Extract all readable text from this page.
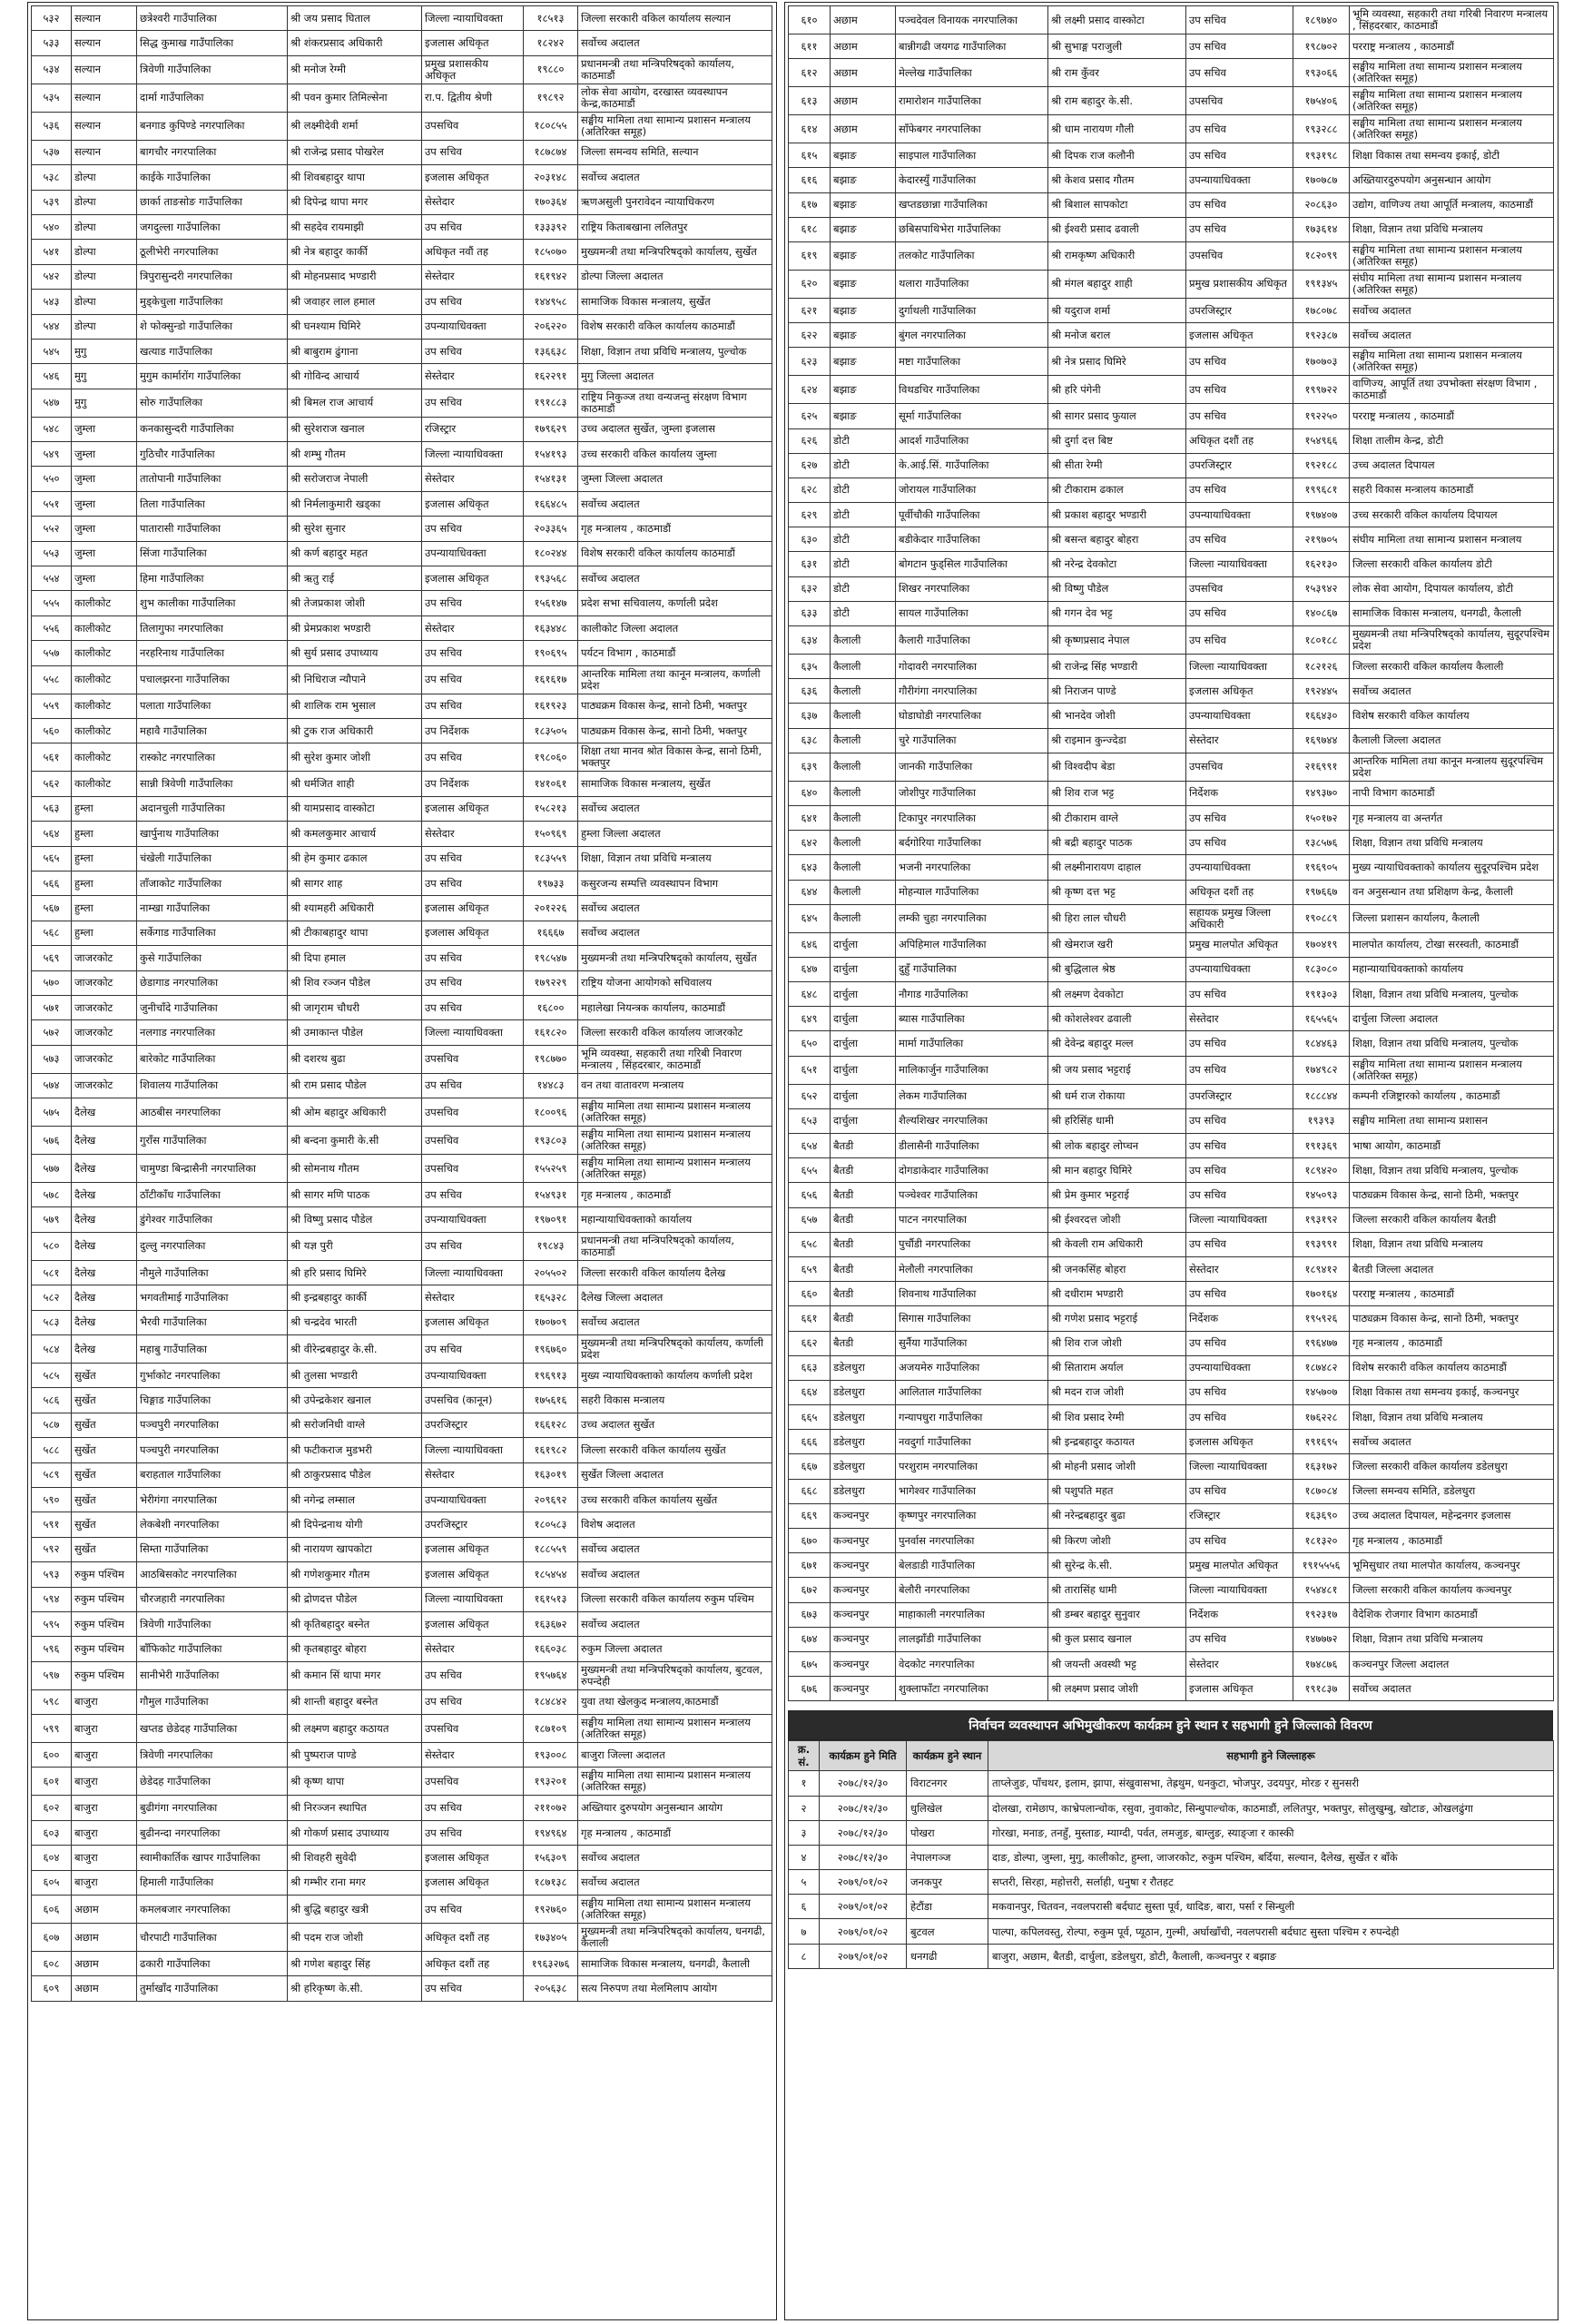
५३२	सल्यान	छत्रेश्वरी गाउँपालिका	श्री जय प्रसाद घिताल	जिल्ला न्यायाधिवक्ता	१८५१३	जिल्ला सरकारी वकिल कार्यालय सल्यान
५३३	सल्यान	सिद्ध कुमाख गाउँपालिका	श्री शंकरप्रसाद अधिकारी	इजलास अधिकृत	१८२४२	सर्वोच्च अदालत
५३४	सल्यान	त्रिवेणी गाउँपालिका	श्री मनोज रेग्मी	प्रमुख प्रशासकीय अधिकृत	१९८८०	प्रधानमन्त्री तथा मन्त्रिपरिषद्को कार्यालय, काठमाडौं
५३५	सल्यान	दार्मा गाउँपालिका	श्री पवन कुमार तिमिल्सेना	रा.प. द्वितीय श्रेणी	१९८९२	लोक सेवा आयोग, दरखास्त व्यवस्थापन केन्द्र,काठमाडौं
५३६	सल्यान	बनगाड कुपिण्डे नगरपालिका	श्री लक्ष्मीदेवी शर्मा	उपसचिव	१८०८५५	सङ्घीय मामिला तथा सामान्य प्रशासन मन्त्रालय (अतिरिक्त समूह)
५३७	सल्यान	बागचौर नगरपालिका	श्री राजेन्द्र प्रसाद पोखरेल	उप सचिव	१८७८७४	जिल्ला समन्वय समिति, सल्यान
५३८	डोल्पा	काईके गाउँपालिका	श्री शिवबहादुर थापा	इजलास अधिकृत	२०३१४८	सर्वोच्च अदालत
५३९	डोल्पा	छार्का ताङसोङ गाउँपालिका	श्री दिपेन्द्र थापा मगर	सेस्तेदार	१७०३६४	ऋणअसुली पुनरावेदन न्यायाधिकरण
५४०	डोल्पा	जगदुल्ला गाउँपालिका	श्री सहदेव रायमाझी	उप सचिव	१३३३९२	राष्ट्रिय किताबखाना ललितपुर
५४१	डोल्पा	ठूलीभेरी नगरपालिका	श्री नेत्र बहादुर कार्की	अधिकृत नवौं तह	१८५०७०	मुख्यमन्त्री तथा मन्त्रिपरिषद्को कार्यालय, सुर्खेत
५४२	डोल्पा	त्रिपुरासुन्दरी नगरपालिका	श्री मोहनप्रसाद भण्डारी	सेस्तेदार	१६१९४२	डोल्पा जिल्ला अदालत
५४३	डोल्पा	मुड्केचुला गाउँपालिका	श्री जवाहर लाल हमाल	उप सचिव	१४४९५८	सामाजिक विकास मन्त्रालय, सुर्खेत
५४४	डोल्पा	शे फोक्सुन्डो गाउँपालिका	श्री घनश्याम घिमिरे	उपन्यायाधिवक्ता	२०६२२०	विशेष सरकारी वकिल कार्यालय काठमाडौं
५४५	मुगु	खत्याड गाउँपालिका	श्री बाबुराम ढुंगाना	उप सचिव	१३६६३८	शिक्षा, विज्ञान तथा प्रविधि मन्त्रालय, पुल्चोक
५४६	मुगु	मुगुम कार्मारोंग गाउँपालिका	श्री गोविन्द आचार्य	सेस्तेदार	१६२२९१	मुगु जिल्ला अदालत
५४७	मुगु	सोरु गाउँपालिका	श्री बिमल राज आचार्य	उप सचिव	१९१८८३	राष्ट्रिय निकुञ्ज तथा वन्यजन्तु संरक्षण विभाग काठमाडौं
५४८	जुम्ला	कनकासुन्दरी गाउँपालिका	श्री सुरेशराज खनाल	रजिस्ट्रार	१७९६२९	उच्च अदालत सुर्खेत, जुम्ला इजलास
५४९	जुम्ला	गुठिचौर गाउँपालिका	श्री शम्भु गौतम	जिल्ला न्यायाधिवक्ता	१५४१९३	उच्च सरकारी वकिल कार्यालय जुम्ला
५५०	जुम्ला	तातोपानी गाउँपालिका	श्री सरोजराज नेपाली	सेस्तेदार	१५४१३१	जुम्ला जिल्ला अदालत
५५१	जुम्ला	तिला गाउँपालिका	श्री निर्मलाकुमारी खड्का	इजलास अधिकृत	१६६४८५	सर्वोच्च अदालत
५५२	जुम्ला	पातारासी गाउँपालिका	श्री सुरेश सुनार	उप सचिव	२०३३६५	गृह मन्त्रालय , काठमाडौं
५५३	जुम्ला	सिंजा गाउँपालिका	श्री कर्ण बहादुर महत	उपन्यायाधिवक्ता	१८०२४४	विशेष सरकारी वकिल कार्यालय काठमाडौं
५५४	जुम्ला	हिमा गाउँपालिका	श्री ऋतु राई	इजलास अधिकृत	१९३५६८	सर्वोच्च अदालत
५५५	कालीकोट	शुभ कालीका गाउँपालिका	श्री तेजप्रकाश जोशी	उप सचिव	१५६१४७	प्रदेश सभा सचिवालय, कर्णाली प्रदेश
५५६	कालीकोट	तिलागुफा नगरपालिका	श्री प्रेमप्रकाश भण्डारी	सेस्तेदार	१६३४४८	कालीकोट जिल्ला अदालत
५५७	कालीकोट	नरहरिनाथ गाउँपालिका	श्री सुर्य प्रसाद उपाध्याय	उप सचिव	१९०६९५	पर्यटन विभाग , काठमाडौं
५५८	कालीकोट	पचालझरना गाउँपालिका	श्री निधिराज न्यौपाने	उप सचिव	१६१६१७	आन्तरिक मामिला तथा कानून मन्त्रालय, कर्णाली प्रदेश
५५९	कालीकोट	पलाता गाउँपालिका	श्री शालिक राम भुसाल	उप सचिव	१६१९२३	पाठ्यक्रम विकास केन्द्र, सानो ठिमी, भक्तपुर
५६०	कालीकोट	महावै गाउँपालिका	श्री टुक राज अधिकारी	उप निर्देशक	१८३५०५	पाठ्यक्रम विकास केन्द्र, सानो ठिमी, भक्तपुर
५६१	कालीकोट	रास्कोट नगरपालिका	श्री सुरेश कुमार जोशी	उप सचिव	१९८०६०	शिक्षा तथा मानव श्रोत विकास केन्द्र, सानो ठिमी, भक्तपुर
५६२	कालीकोट	सान्नी त्रिवेणी गाउँपालिका	श्री धर्मजित शाही	उप निर्देशक	१४१०६१	सामाजिक विकास मन्त्रालय, सुर्खेत
५६३	हुम्ला	अदानचुली गाउँपालिका	श्री यामप्रसाद वास्कोटा	इजलास अधिकृत	१५८२१३	सर्वोच्च अदालत
५६४	हुम्ला	खार्पुनाथ गाउँपालिका	श्री कमलकुमार आचार्य	सेस्तेदार	१५०९६९	हुम्ला जिल्ला अदालत
५६५	हुम्ला	चंखेली गाउँपालिका	श्री हेम कुमार ढकाल	उप सचिव	१८३५५९	शिक्षा, विज्ञान तथा प्रविधि मन्त्रालय
५६६	हुम्ला	ताँजाकोट गाउँपालिका	श्री सागर शाह	उप सचिव	१९७३३	कसुरजन्य सम्पत्ति व्यवस्थापन विभाग
५६७	हुम्ला	नाम्खा गाउँपालिका	श्री श्यामहरी अधिकारी	इजलास अधिकृत	२०१२२६	सर्वोच्च अदालत
५६८	हुम्ला	सर्केगाड गाउँपालिका	श्री टीकाबहादुर थापा	इजलास अधिकृत	१६६६७	सर्वोच्च अदालत
५६९	जाजरकोट	कुसे गाउँपालिका	श्री दिपा हमाल	उप सचिव	१९८५४७	मुख्यमन्त्री तथा मन्त्रिपरिषद्को कार्यालय, सुर्खेत
५७०	जाजरकोट	छेडागाड नगरपालिका	श्री शिव रञ्जन पौडेल	उप सचिव	१७९२२९	राष्ट्रिय योजना आयोगको सचिवालय
५७१	जाजरकोट	जुनीचाँदे गाउँपालिका	श्री जागृराम चौधरी	उप सचिव	१६८००	महालेखा नियन्त्रक कार्यालय, काठमाडौं
५७२	जाजरकोट	नलगाड नगरपालिका	श्री उमाकान्त पौडेल	जिल्ला न्यायाधिवक्ता	१६१८२०	जिल्ला सरकारी वकिल कार्यालय जाजरकोट
५७३	जाजरकोट	बारेकोट गाउँपालिका	श्री दशरथ बुढा	उपसचिव	१९८७७०	भूमि व्यवस्था, सहकारी तथा गरिबी निवारण मन्त्रालय , सिंहदरबार, काठमाडौं
५७४	जाजरकोट	शिवालय गाउँपालिका	श्री राम प्रसाद पौडेल	उप सचिव	१४४८३	वन तथा वातावरण मन्त्रालय
५७५	दैलेख	आठबीस नगरपालिका	श्री ओम बहादुर अधिकारी	उपसचिव	१८००९६	सङ्घीय मामिला तथा सामान्य प्रशासन मन्त्रालय (अतिरिक्त समूह)
५७६	दैलेख	गुराँस गाउँपालिका	श्री बन्दना कुमारी के.सी	उपसचिव	१९३८०३	सङ्घीय मामिला तथा सामान्य प्रशासन मन्त्रालय (अतिरिक्त समूह)
५७७	दैलेख	चामुण्डा बिन्द्रासैनी नगरपालिका	श्री सोमनाथ गौतम	उपसचिव	१५५२५९	सङ्घीय मामिला तथा सामान्य प्रशासन मन्त्रालय (अतिरिक्त समूह)
५७८	दैलेख	ठाँटीकाँध गाउँपालिका	श्री सागर मणि पाठक	उप सचिव	१५४९३१	गृह मन्त्रालय , काठमाडौं
५७९	दैलेख	डुंगेश्वर गाउँपालिका	श्री विष्णु प्रसाद पौडेल	उपन्यायाधिवक्ता	१९७०९१	महान्यायाधिवक्ताको कार्यालय
५८०	दैलेख	दुल्लु नगरपालिका	श्री यज्ञ पुरी	उप सचिव	१९८४३	प्रधानमन्त्री तथा मन्त्रिपरिषद्को कार्यालय, काठमाडौं
५८१	दैलेख	नौमुले गाउँपालिका	श्री हरि प्रसाद घिमिरे	जिल्ला न्यायाधिवक्ता	२०५५०२	जिल्ला सरकारी वकिल कार्यालय दैलेख
५८२	दैलेख	भगवतीमाई गाउँपालिका	श्री इन्द्रबहादुर कार्की	सेस्तेदार	१६५३२८	दैलेख जिल्ला अदालत
५८३	दैलेख	भैरवी गाउँपालिका	श्री चन्द्रदेव भारती	इजलास अधिकृत	१७०७०९	सर्वोच्च अदालत
५८४	दैलेख	महाबु गाउँपालिका	श्री वीरेन्द्रबहादुर के.सी.	उप सचिव	१९६७६०	मुख्यमन्त्री तथा मन्त्रिपरिषद्को कार्यालय, कर्णाली प्रदेश
५८५	सुर्खेत	गुर्भाकोट नगरपालिका	श्री तुलसा भण्डारी	उपन्यायाधिवक्ता	१९६९१३	मुख्य न्यायाधिवक्ताको कार्यालय कर्णाली प्रदेश
५८६	सुर्खेत	चिङ्गाड गाउँपालिका	श्री उपेन्द्रकेशर खनाल	उपसचिव (कानून)	१७५६१६	सहरी विकास मन्त्रालय
५८७	सुर्खेत	पञ्चपुरी नगरपालिका	श्री सरोजनिधी वाग्ले	उपरजिस्ट्रार	१६६१२८	उच्च अदालत सुर्खेत
५८८	सुर्खेत	पञ्चपुरी नगरपालिका	श्री फटीकराज मुडभरी	जिल्ला न्यायाधिवक्ता	१६१९८२	जिल्ला सरकारी वकिल कार्यालय सुर्खेत
५८९	सुर्खेत	बराहताल गाउँपालिका	श्री ठाकुरप्रसाद पौडेल	सेस्तेदार	१६३०१९	सुर्खेत जिल्ला अदालत
५९०	सुर्खेत	भेरीगंगा नगरपालिका	श्री नगेन्द्र लम्साल	उपन्यायाधिवक्ता	२०९६९२	उच्च सरकारी वकिल कार्यालय सुर्खेत
५९१	सुर्खेत	लेकबेशी नगरपालिका	श्री दिपेन्द्रनाथ योगी	उपरजिस्ट्रार	१८०५८३	विशेष अदालत
५९२	सुर्खेत	सिम्ता गाउँपालिका	श्री नारायण खापकोटा	इजलास अधिकृत	१८८५५९	सर्वोच्च अदालत
५९३	रुकुम पश्चिम	आठबिसकोट नगरपालिका	श्री गणेशकुमार गौतम	इजलास अधिकृत	१८५४५४	सर्वोच्च अदालत
५९४	रुकुम पश्चिम	चौरजहारी नगरपालिका	श्री द्रोणदत्त पौडेल	जिल्ला न्यायाधिवक्ता	१६१५१३	जिल्ला सरकारी वकिल कार्यालय रुकुम पश्चिम
५९५	रुकुम पश्चिम	त्रिवेणी गाउँपालिका	श्री कृतिबहादुर बस्नेत	इजलास अधिकृत	१६३६७२	सर्वोच्च अदालत
५९६	रुकुम पश्चिम	बाँफिकोट गाउँपालिका	श्री कृतबहादुर बोहरा	सेस्तेदार	१६६०३८	रुकुम जिल्ला अदालत
५९७	रुकुम पश्चिम	सानीभेरी गाउँपालिका	श्री कमान सिं थापा मगर	उप सचिव	१९५७६४	मुख्यमन्त्री तथा मन्त्रिपरिषद्को कार्यालय, बुटवल, रुपन्देही
५९८	बाजुरा	गौमुल गाउँपालिका	श्री शान्ती बहादुर बस्नेत	उप सचिव	१८४८४२	युवा तथा खेलकुद मन्त्रालय,काठमाडौं
५९९	बाजुरा	खप्तड छेडेदह गाउँपालिका	श्री लक्ष्मण बहादुर कठायत	उपसचिव	१८७१०९	सङ्घीय मामिला तथा सामान्य प्रशासन मन्त्रालय (अतिरिक्त समूह)
६००	बाजुरा	त्रिवेणी नगरपालिका	श्री पुष्पराज पाण्डे	सेस्तेदार	१९३००८	बाजुरा जिल्ला अदालत
६०१	बाजुरा	छेडेदह गाउँपालिका	श्री कृष्ण थापा	उपसचिव	१९३२०१	सङ्घीय मामिला तथा सामान्य प्रशासन मन्त्रालय (अतिरिक्त समूह)
६०२	बाजुरा	बुढीगंगा नगरपालिका	श्री निरञ्जन स्थापित	उप सचिव	२११०७२	अख्तियार दुरुपयोग अनुसन्धान आयोग
६०३	बाजुरा	बुढीनन्दा नगरपालिका	श्री गोकर्ण प्रसाद उपाध्याय	उप सचिव	१९४९६४	गृह मन्त्रालय , काठमाडौं
६०४	बाजुरा	स्वामीकार्तिक खापर गाउँपालिका	श्री शिवहरी सुवेदी	इजलास अधिकृत	१५६३०९	सर्वोच्च अदालत
६०५	बाजुरा	हिमाली गाउँपालिका	श्री गम्भीर राना मगर	इजलास अधिकृत	१८७१३८	सर्वोच्च अदालत
६०६	अछाम	कमलबजार नगरपालिका	श्री बुद्धि बहादुर खत्री	उप सचिव	१९२७६०	सङ्घीय मामिला तथा सामान्य प्रशासन मन्त्रालय (अतिरिक्त समूह)
६०७	अछाम	चौरपाटी गाउँपालिका	श्री पदम राज जोशी	अधिकृत दशौं तह	१७३४०५	मुख्यमन्त्री तथा मन्त्रिपरिषद्को कार्यालय, धनगढी, कैलाली
६०८	अछाम	ढकारी गाउँपालिका	श्री गणेश बहादुर सिंह	अधिकृत दशौं तह	१९६३२७६	सामाजिक विकास मन्त्रालय, धनगढी, कैलाली
६०९	अछाम	तुर्माखाँद गाउँपालिका	श्री हरिकृष्ण के.सी.	उप सचिव	२०५६३८	सत्य निरुपण तथा मेलमिलाप आयोग
६१०	अछाम	पञ्चदेवल विनायक नगरपालिका	श्री लक्ष्मी प्रसाद वास्कोटा	उप सचिव	१८९७४०	भूमि व्यवस्था, सहकारी तथा गरिबी निवारण मन्त्रालय , सिंहदरबार, काठमाडौं
६११	अछाम	बान्नीगढी जयगढ गाउँपालिका	श्री सुभाङ्ग पराजुली	उप सचिव	१९८७०२	परराष्ट्र मन्त्रालय , काठमाडौं
६१२	अछाम	मेल्लेख गाउँपालिका	श्री राम कुँवर	उप सचिव	१९३०६६	सङ्घीय मामिला तथा सामान्य प्रशासन मन्त्रालय (अतिरिक्त समूह)
६१३	अछाम	रामारोशन गाउँपालिका	श्री राम बहादुर के.सी.	उपसचिव	१७५४०६	सङ्घीय मामिला तथा सामान्य प्रशासन मन्त्रालय (अतिरिक्त समूह)
६१४	अछाम	साँफेबगर नगरपालिका	श्री धाम नारायण गौली	उप सचिव	१९३२८८	सङ्घीय मामिला तथा सामान्य प्रशासन मन्त्रालय (अतिरिक्त समूह)
६१५	बझाङ	साइपाल गाउँपालिका	श्री दिपक राज कलौनी	उप सचिव	१९३१९८	शिक्षा विकास तथा समन्वय इकाई, डोटी
६१६	बझाङ	केदारस्युँ गाउँपालिका	श्री केशव प्रसाद गौतम	उपन्यायाधिवक्ता	१७०७८७	अख्तियारदुरुपयोग अनुसन्धान आयोग
६१७	बझाङ	खप्तडछान्ना गाउँपालिका	श्री बिशाल सापकोटा	उप सचिव	२०८६३०	उद्योग, वाणिज्य तथा आपूर्ति मन्त्रालय, काठमाडौं
६१८	बझाङ	छबिसपाथिभेरा गाउँपालिका	श्री ईश्वरी प्रसाद ढवाली	उप सचिव	१७३६१४	शिक्षा, विज्ञान तथा प्रविधि मन्त्रालय
६१९	बझाङ	तलकोट गाउँपालिका	श्री रामकृष्ण अधिकारी	उपसचिव	१८२०९९	सङ्घीय मामिला तथा सामान्य प्रशासन मन्त्रालय (अतिरिक्त समूह)
६२०	बझाङ	थलारा गाउँपालिका	श्री मंगल बहादुर शाही	प्रमुख प्रशासकीय अधिकृत	१९१३४५	संघीय मामिला तथा सामान्य प्रशासन मन्त्रालय (अतिरिक्त समूह)
६२१	बझाङ	दुर्गाथली गाउँपालिका	श्री यदुराज शर्मा	उपरजिस्ट्रार	१७८०७८	सर्वोच्च अदालत
६२२	बझाङ	बुंगल नगरपालिका	श्री मनोज बराल	इजलास अधिकृत	१९२३८७	सर्वोच्च अदालत
६२३	बझाङ	मष्टा गाउँपालिका	श्री नेत्र प्रसाद घिमिरे	उप सचिव	१७०७०३	सङ्घीय मामिला तथा सामान्य प्रशासन मन्त्रालय (अतिरिक्त समूह)
६२४	बझाङ	विथडचिर गाउँपालिका	श्री हरि पंगेनी	उप सचिव	१९९७२२	वाणिज्य, आपूर्ति तथा उपभोक्ता संरक्षण विभाग , काठमाडौं
६२५	बझाङ	सूर्मा गाउँपालिका	श्री सागर प्रसाद फुयाल	उप सचिव	१९२२५०	परराष्ट्र मन्त्रालय , काठमाडौं
६२६	डोटी	आदर्श गाउँपालिका	श्री दुर्गा दत्त बिष्ट	अधिकृत दशौं तह	१५४९६६	शिक्षा तालीम केन्द्र, डोटी
६२७	डोटी	के.आई.सिं. गाउँपालिका	श्री सीता रेग्मी	उपरजिस्ट्रार	१९२१८८	उच्च अदालत दिपायल
६२८	डोटी	जोरायल गाउँपालिका	श्री टीकाराम ढकाल	उप सचिव	१९९६८१	सहरी विकास मन्त्रालय काठमाडौं
६२९	डोटी	पूर्वीचौकी गाउँपालिका	श्री प्रकाश बहादुर भण्डारी	उपन्यायाधिवक्ता	१९७४०७	उच्च सरकारी वकिल कार्यालय दिपायल
६३०	डोटी	बडीकेदार गाउँपालिका	श्री बसन्त बहादुर बोहरा	उप सचिव	२१९७०५	संघीय मामिला तथा सामान्य प्रशासन मन्त्रालय
६३१	डोटी	बोगटान फुड्सिल गाउँपालिका	श्री नरेन्द्र देवकोटा	जिल्ला न्यायाधिवक्ता	१६२१३०	जिल्ला सरकारी वकिल कार्यालय डोटी
६३२	डोटी	शिखर नगरपालिका	श्री विष्णु पौडेल	उपसचिव	१५३९४२	लोक सेवा आयोग, दिपायल कार्यालय, डोटी
६३३	डोटी	सायल गाउँपालिका	श्री गगन देव भट्ट	उप सचिव	१४०८६७	सामाजिक विकास मन्त्रालय, धनगढी, कैलाली
६३४	कैलाली	कैलारी गाउँपालिका	श्री कृष्णप्रसाद नेपाल	उप सचिव	१८०१८८	मुख्यमन्त्री तथा मन्त्रिपरिषद्को कार्यालय, सुदूरपश्चिम प्रदेश
६३५	कैलाली	गोदावरी नगरपालिका	श्री राजेन्द्र सिंह भण्डारी	जिल्ला न्यायाधिवक्ता	१८२१२६	जिल्ला सरकारी वकिल कार्यालय कैलाली
६३६	कैलाली	गौरीगंगा नगरपालिका	श्री निराजन पाण्डे	इजलास अधिकृत	१९२४४५	सर्वोच्च अदालत
६३७	कैलाली	घोडाघोडी नगरपालिका	श्री भानदेव जोशी	उपन्यायाधिवक्ता	१६६४३०	विशेष सरकारी वकिल कार्यालय
६३८	कैलाली	चुरे गाउँपालिका	श्री राइमान कुन्ज्देडा	सेस्तेदार	१६९७४४	कैलाली जिल्ला अदालत
६३९	कैलाली	जानकी गाउँपालिका	श्री विश्वदीप बेडा	उपसचिव	२१६९९१	आन्तरिक मामिला तथा कानून मन्त्रालय सुदूरपश्चिम प्रदेश
६४०	कैलाली	जोशीपुर गाउँपालिका	श्री शिव राज भट्ट	निर्देशक	१४९३७०	नापी विभाग काठमाडौं
६४१	कैलाली	टिकापुर नगरपालिका	श्री टीकाराम वाग्ले	उप सचिव	१५०१७२	गृह मन्त्रालय वा अन्तर्गत
६४२	कैलाली	बर्दगोरिया गाउँपालिका	श्री बद्री बहादुर पाठक	उप सचिव	१३८५७६	शिक्षा, विज्ञान तथा प्रविधि मन्त्रालय
६४३	कैलाली	भजनी नगरपालिका	श्री लक्ष्मीनारायण दाहाल	उपन्यायाधिवक्ता	१९६९०५	मुख्य न्यायाधिवक्ताको कार्यालय सुदूरपश्चिम प्रदेश
६४४	कैलाली	मोहन्याल गाउँपालिका	श्री कृष्ण दत्त भट्ट	अधिकृत दशौं तह	१९७६६७	वन अनुसन्धान तथा प्रशिक्षण केन्द्र, कैलाली
६४५	कैलाली	लम्की चुहा नगरपालिका	श्री हिरा लाल चौधरी	सहायक प्रमुख जिल्ला अधिकारी	१९०८८९	जिल्ला प्रशासन कार्यालय, कैलाली
६४६	दार्चुला	अपिहिमाल गाउँपालिका	श्री खेमराज खरी	प्रमुख मालपोत अधिकृत	१७०४१९	मालपोत कार्यालय, टोखा सरस्वती, काठमाडौं
६४७	दार्चुला	दुहुँ गाउँपालिका	श्री बुद्धिलाल श्रेष्ठ	उपन्यायाधिवक्ता	१८३०८०	महान्यायाधिवक्ताको कार्यालय
६४८	दार्चुला	नौगाड गाउँपालिका	श्री लक्ष्मण देवकोटा	उप सचिव	१९१३०३	शिक्षा, विज्ञान तथा प्रविधि मन्त्रालय, पुल्चोक
६४९	दार्चुला	ब्यास गाउँपालिका	श्री कोशलेश्वर ढवाली	सेस्तेदार	१६५५६५	दार्चुला जिल्ला अदालत
६५०	दार्चुला	मार्मा गाउँपालिका	श्री देवेन्द्र बहादुर मल्ल	उप सचिव	१८४४६३	शिक्षा, विज्ञान तथा प्रविधि मन्त्रालय, पुल्चोक
६५१	दार्चुला	मालिकार्जुन गाउँपालिका	श्री जय प्रसाद भट्टराई	उप सचिव	१७४९८२	सङ्घीय मामिला तथा सामान्य प्रशासन मन्त्रालय (अतिरिक्त समूह)
६५२	दार्चुला	लेकम गाउँपालिका	श्री धर्म राज रोकाया	उपरजिस्ट्रार	१८८८४४	कम्पनी रजिष्ट्रारको कार्यालय , काठमाडौं
६५३	दार्चुला	शैल्यशिखर नगरपालिका	श्री हरिसिंह धामी	उप सचिव	१९३९३	सङ्घीय मामिला तथा सामान्य प्रशासन
६५४	बैतडी	डीलासैनी गाउँपालिका	श्री लोक बहादुर लोप्चन	उप सचिव	१९१३६९	भाषा आयोग, काठमाडौं
६५५	बैतडी	दोगडाकेदार गाउँपालिका	श्री मान बहादुर घिमिरे	उप सचिव	१८९४२०	शिक्षा, विज्ञान तथा प्रविधि मन्त्रालय, पुल्चोक
६५६	बैतडी	पञ्चेश्वर गाउँपालिका	श्री प्रेम कुमार भट्टराई	उप सचिव	१४५०९३	पाठ्यक्रम विकास केन्द्र, सानो ठिमी, भक्तपुर
६५७	बैतडी	पाटन नगरपालिका	श्री ईश्वरदत्त जोशी	जिल्ला न्यायाधिवक्ता	१९३१९२	जिल्ला सरकारी वकिल कार्यालय बैतडी
६५८	बैतडी	पुर्चौडी नगरपालिका	श्री केवली राम अधिकारी	उप सचिव	१९३९९१	शिक्षा, विज्ञान तथा प्रविधि मन्त्रालय
६५९	बैतडी	मेलौली नगरपालिका	श्री जनकसिंह बोहरा	सेस्तेदार	१८९४१२	बैतडी जिल्ला अदालत
६६०	बैतडी	शिवनाथ गाउँपालिका	श्री दधीराम भण्डारी	उप सचिव	१७०१६४	परराष्ट्र मन्त्रालय , काठमाडौं
६६१	बैतडी	सिगास गाउँपालिका	श्री गणेश प्रसाद भट्टराई	निर्देशक	१९५९२६	पाठ्यक्रम विकास केन्द्र, सानो ठिमी, भक्तपुर
६६२	बैतडी	सुर्नैया गाउँपालिका	श्री शिव राज जोशी	उप सचिव	१९६४७७	गृह मन्त्रालय , काठमाडौं
६६३	डडेलधुरा	अजयमेरु गाउँपालिका	श्री सिताराम अर्याल	उपन्यायाधिवक्ता	१८७४८२	विशेष सरकारी वकिल कार्यालय काठमाडौं
६६४	डडेलधुरा	आलिताल गाउँपालिका	श्री मदन राज जोशी	उप सचिव	१४५७०७	शिक्षा विकास तथा समन्वय इकाई, कञ्चनपुर
६६५	डडेलधुरा	गन्यापधुरा गाउँपालिका	श्री शिव प्रसाद रेग्मी	उप सचिव	१७६२२८	शिक्षा, विज्ञान तथा प्रविधि मन्त्रालय
६६६	डडेलधुरा	नवदुर्गा गाउँपालिका	श्री इन्द्रबहादुर कठायत	इजलास अधिकृत	१९१६९५	सर्वोच्च अदालत
६६७	डडेलधुरा	परशुराम नगरपालिका	श्री मोहनी प्रसाद जोशी	जिल्ला न्यायाधिवक्ता	१६३१७२	जिल्ला सरकारी वकिल कार्यालय डडेलधुरा
६६८	डडेलधुरा	भागेश्वर गाउँपालिका	श्री पशुपति महत	उप सचिव	१८७०८४	जिल्ला समन्वय समिति, डडेलधुरा
६६९	कञ्चनपुर	कृष्णपुर नगरपालिका	श्री नरेन्द्रबहादुर बुढा	रजिस्ट्रार	१६३६९०	उच्च अदालत दिपायल, महेन्द्रनगर इजलास
६७०	कञ्चनपुर	पुनर्वास नगरपालिका	श्री किरण जोशी	उप सचिव	१८१३२०	गृह मन्त्रालय , काठमाडौं
६७१	कञ्चनपुर	बेलडाडी गाउँपालिका	श्री सुरेन्द्र के.सी.	प्रमुख मालपोत अधिकृत	१९१५५५६	भूमिसुधार तथा मालपोत कार्यालय, कञ्चनपुर
६७२	कञ्चनपुर	बेलौरी नगरपालिका	श्री तारासिंह धामी	जिल्ला न्यायाधिवक्ता	१५४४८१	जिल्ला सरकारी वकिल कार्यालय कञ्चनपुर
६७३	कञ्चनपुर	माहाकाली नगरपालिका	श्री डम्बर बहादुर सुनुवार	निर्देशक	१९२३१७	वैदेशिक रोजगार विभाग काठमाडौं
६७४	कञ्चनपुर	लालझाँडी गाउँपालिका	श्री कुल प्रसाद खनाल	उप सचिव	१४७७७२	शिक्षा, विज्ञान तथा प्रविधि मन्त्रालय
६७५	कञ्चनपुर	वेदकोट नगरपालिका	श्री जयन्ती अवस्थी भट्ट	सेस्तेदार	१७४८७६	कञ्चनपुर जिल्ला अदालत
६७६	कञ्चनपुर	शुक्लाफाँटा नगरपालिका	श्री लक्ष्मण प्रसाद जोशी	इजलास अधिकृत	१९१८३७	सर्वोच्च अदालत
निर्वाचन व्यवस्थापन अभिमुखीकरण कार्यक्रम हुने स्थान र सहभागी हुने जिल्लाको विवरण
क्र. सं.	कार्यक्रम हुने मिति	कार्यक्रम हुने स्थान	सहभागी हुने जिल्लाहरू
१	२०७८/१२/३०	विराटनगर	ताप्लेजुङ, पाँचथर, इलाम, झापा, संखुवासभा, तेह्रथुम, धनकुटा, भोजपुर, उदयपुर, मोरङ र सुनसरी
२	२०७८/१२/३०	धुलिखेल	दोलखा, रामेछाप, काभ्रेपलान्चोक, रसुवा, नुवाकोट, सिन्धुपाल्चोक, काठमाडौं, ललितपुर, भक्तपुर, सोलुखुम्बु, खोटाङ, ओखलढुंगा
३	२०७८/१२/३०	पोखरा	गोरखा, मनाङ, तनहुँ, मुस्ताङ, म्याग्दी, पर्वत, लमजुङ, बाग्लुङ, स्याङ्जा र कास्की
४	२०७८/१२/३०	नेपालगञ्ज	दाङ, डोल्पा, जुम्ला, मुगु, कालीकोट, हुम्ला, जाजरकोट, रुकुम पश्चिम, बर्दिया, सल्यान, दैलेख, सुर्खेत र बाँके
५	२०७९/०१/०२	जनकपुर	सप्तरी, सिरहा, महोत्तरी, सर्लाही, धनुषा र रौतहट
६	२०७९/०१/०२	हेटौंडा	मकवानपुर, चितवन, नवलपरासी बर्दघाट सुस्ता पूर्व, धादिङ, बारा, पर्सा र सिन्धुली
७	२०७९/०१/०२	बुटवल	पाल्पा, कपिलवस्तु, रोल्पा, रुकुम पूर्व, प्यूठान, गुल्मी, अर्घाखाँची, नवलपरासी बर्दघाट सुस्ता पश्चिम र रुपन्देही
८	२०७९/०१/०२	धनगढी	बाजुरा, अछाम, बैतडी, दार्चुला, डडेलधुरा, डोटी, कैलाली, कञ्चनपुर र बझाङ
